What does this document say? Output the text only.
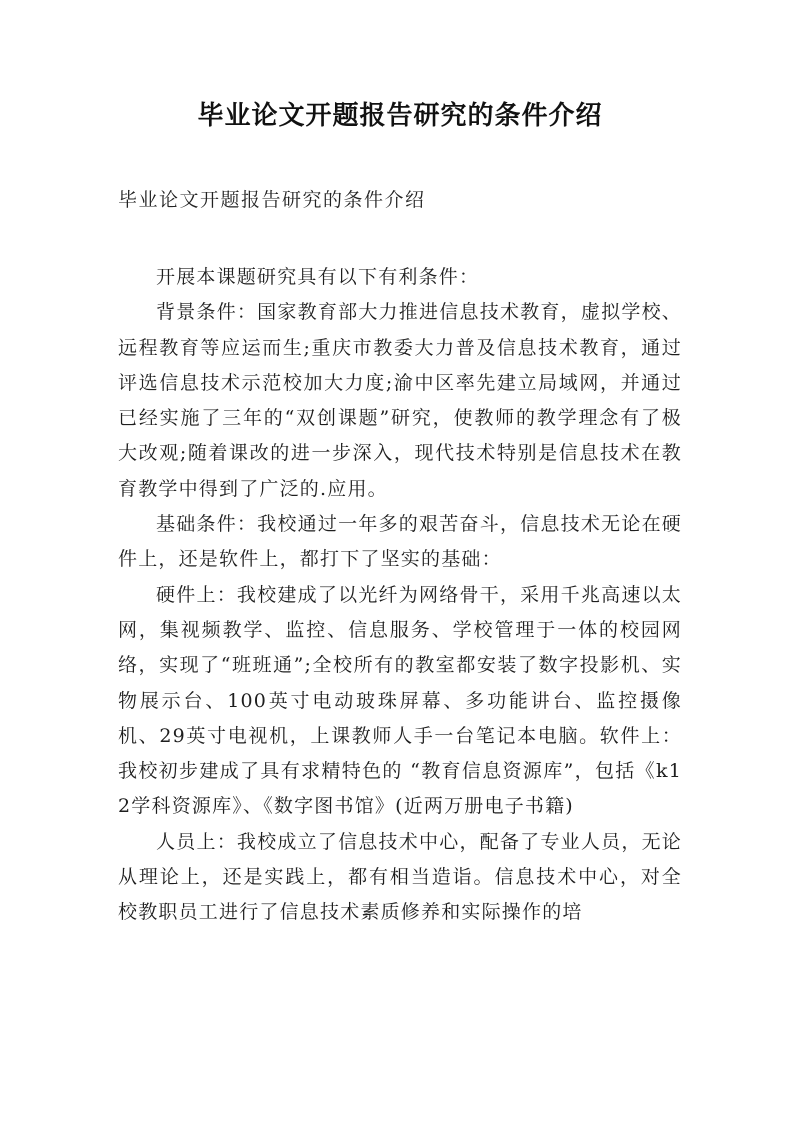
毕业论文开题报告研究的条件介绍

毕业论文开题报告研究的条件介绍

开展本课题研究具有以下有利条件：

背景条件：国家教育部大力推进信息技术教育，虚拟学校、远程教育等应运而生;重庆市教委大力普及信息技术教育，通过评选信息技术示范校加大力度;渝中区率先建立局域网，并通过已经实施了三年的“双创课题”研究，使教师的教学理念有了极大改观;随着课改的进一步深入，现代技术特别是信息技术在教育教学中得到了广泛的.应用。

基础条件：我校通过一年多的艰苦奋斗，信息技术无论在硬件上，还是软件上，都打下了坚实的基础：

硬件上：我校建成了以光纤为网络骨干，采用千兆高速以太网，集视频教学、监控、信息服务、学校管理于一体的校园网络，实现了“班班通”;全校所有的教室都安装了数字投影机、实物展示台、100英寸电动玻珠屏幕、多功能讲台、监控摄像机、29英寸电视机，上课教师人手一台笔记本电脑。软件上：我校初步建成了具有求精特色的 “教育信息资源库”，包括《k12学科资源库》、《数字图书馆》(近两万册电子书籍)

人员上：我校成立了信息技术中心，配备了专业人员，无论从理论上，还是实践上，都有相当造诣。信息技术中心，对全校教职员工进行了信息技术素质修养和实际操作的培
